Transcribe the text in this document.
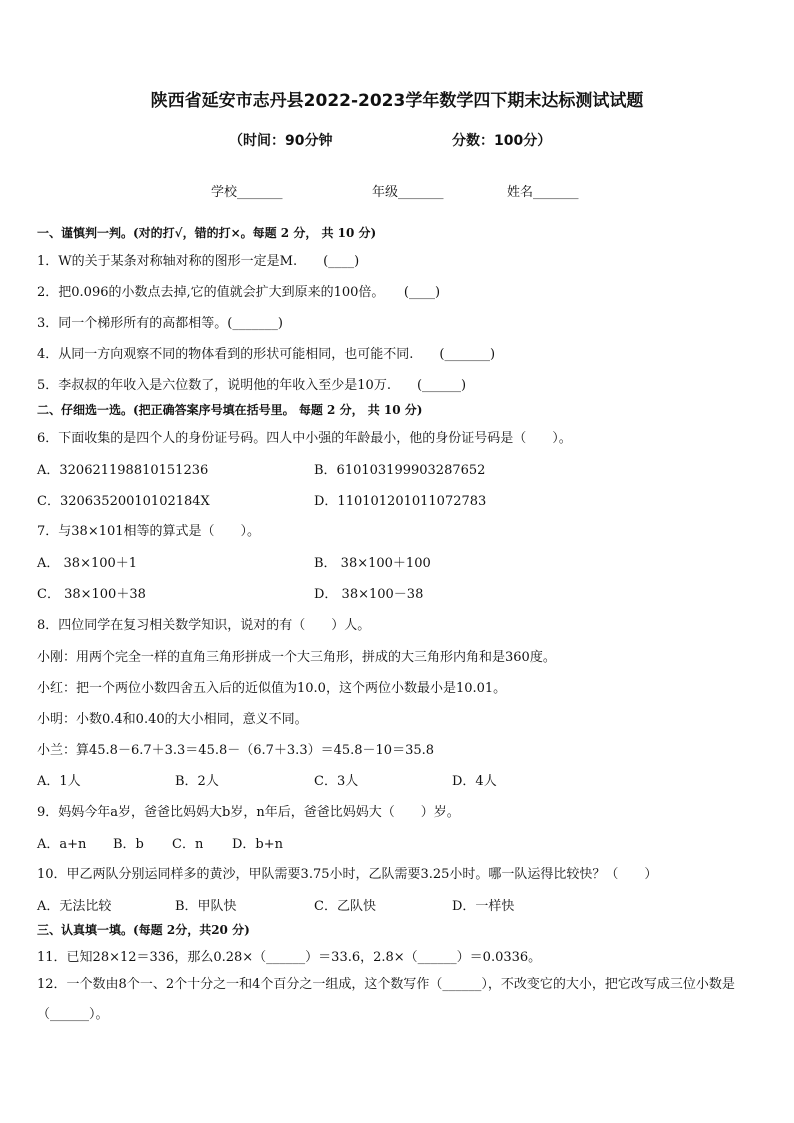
陕西省延安市志丹县2022-2023学年数学四下期末达标测试试题
（时间：90分钟	分数：100分）
学校_______	年级_______	姓名_______
一、谨慎判一判。(对的打√，错的打×。每题 2 分， 共 10 分)
1．W的关于某条对称轴对称的图形一定是M.　　(____)
2．把0.096的小数点去掉,它的值就会扩大到原来的100倍。　　(____)
3．同一个梯形所有的高都相等。(_______)
4．从同一方向观察不同的物体看到的形状可能相同，也可能不同.　　(_______)
5．李叔叔的年收入是六位数了，说明他的年收入至少是10万.　　(______)
二、仔细选一选。(把正确答案序号填在括号里。 每题 2 分， 共 10 分)
6．下面收集的是四个人的身份证号码。四人中小强的年龄最小，他的身份证号码是（　　）。
A．320621198810151236	B．610103199903287652
C．32063520010102184X	D．110101201011072783
7．与38×101相等的算式是（　　）。
A． 38×100＋1	B． 38×100＋100
C． 38×100＋38	D． 38×100－38
8．四位同学在复习相关数学知识，说对的有（　　）人。
小刚：用两个完全一样的直角三角形拼成一个大三角形，拼成的大三角形内角和是360度。
小红：把一个两位小数四舍五入后的近似值为10.0，这个两位小数最小是10.01。
小明：小数0.4和0.40的大小相同，意义不同。
小兰：算45.8－6.7＋3.3＝45.8－（6.7＋3.3）＝45.8－10＝35.8
A．1人	B．2人	C．3人	D．4人
9．妈妈今年a岁，爸爸比妈妈大b岁，n年后，爸爸比妈妈大（　　）岁。
A．a+n B．b C．n D．b+n
10．甲乙两队分别运同样多的黄沙，甲队需要3.75小时，乙队需要3.25小时。哪一队运得比较快？（　　）
A．无法比较	B．甲队快	C．乙队快	D．一样快
三、认真填一填。(每题 2分，共20 分)
11．已知28×12＝336，那么0.28×（______）＝33.6，2.8×（______）＝0.0336。
12．一个数由8个一、2个十分之一和4个百分之一组成，这个数写作（______），不改变它的大小，把它改写成三位小数是（______）。
